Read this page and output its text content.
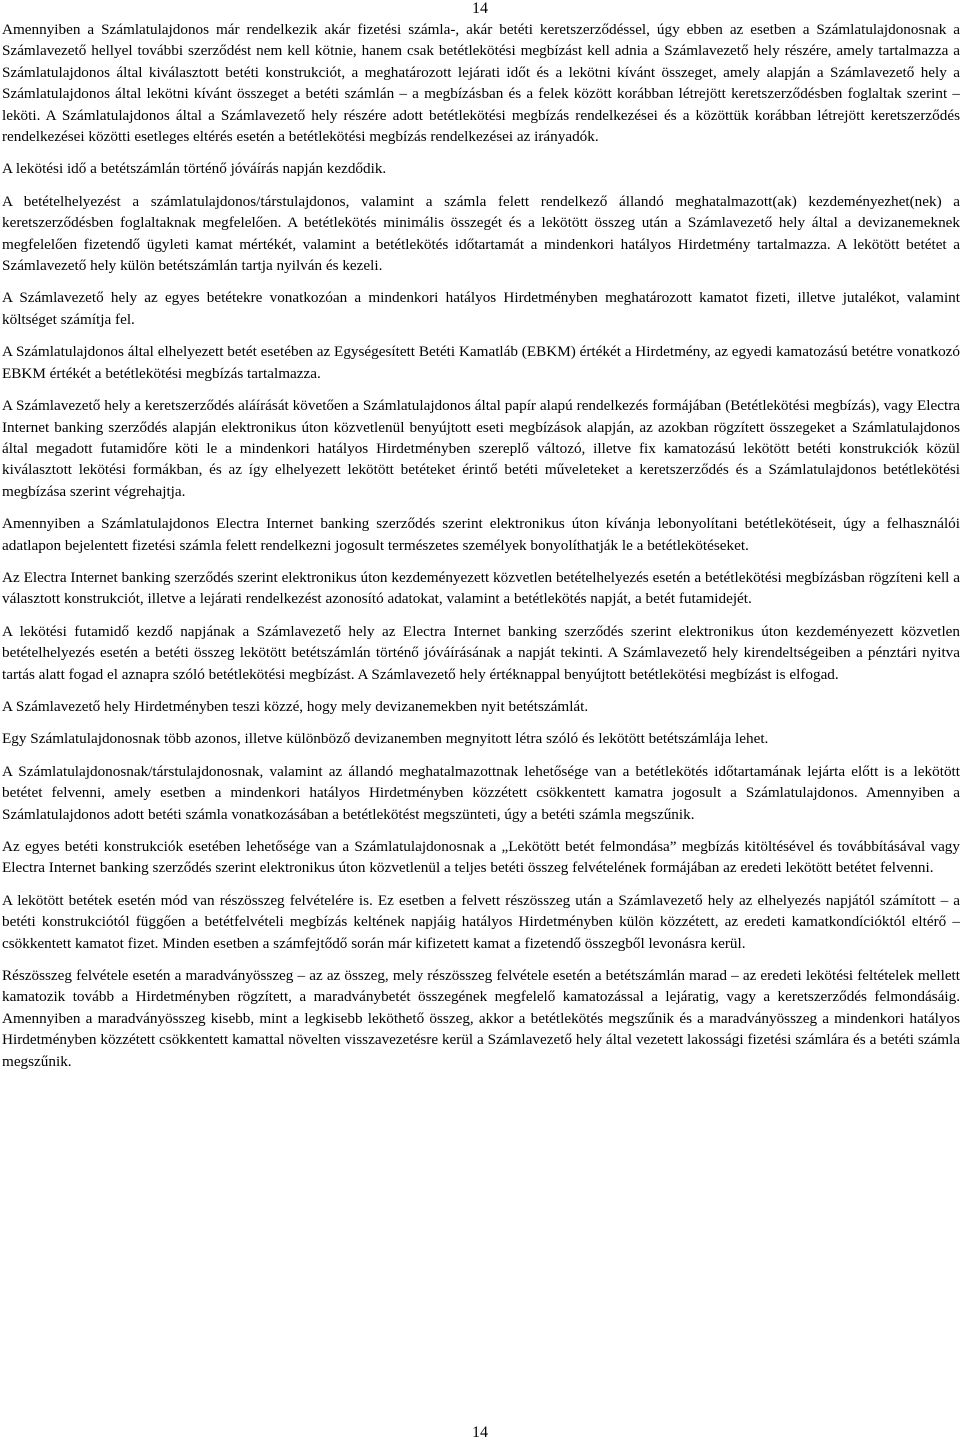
14

Amennyiben a Számlatulajdonos már rendelkezik akár fizetési számla-, akár betéti keretszerződéssel, úgy ebben az esetben a Számlatulajdonosnak a Számlavezető hellyel további szerződést nem kell kötnie, hanem csak betétlekötési megbízást kell adnia a Számlavezető hely részére, amely tartalmazza a Számlatulajdonos által kiválasztott betéti konstrukciót, a meghatározott lejárati időt és a lekötni kívánt összeget, amely alapján a Számlavezető hely a Számlatulajdonos által lekötni kívánt összeget a betéti számlán – a megbízásban és a felek között korábban létrejött keretszerződésben foglaltak szerint – leköti. A Számlatulajdonos által a Számlavezető hely részére adott betétlekötési megbízás rendelkezései és a közöttük korábban létrejött keretszerződés rendelkezései közötti esetleges eltérés esetén a betétlekötési megbízás rendelkezései az irányadók.

A lekötési idő a betétszámlán történő jóváírás napján kezdődik.

A betételhelyezést a számlatulajdonos/társtulajdonos, valamint a számla felett rendelkező állandó meghatalmazott(ak) kezdeményezhet(nek) a keretszerződésben foglaltaknak megfelelően. A betétlekötés minimális összegét és a lekötött összeg után a Számlavezető hely által a devizanemeknek megfelelően fizetendő ügyleti kamat mértékét, valamint a betétlekötés időtartamát a mindenkori hatályos Hirdetmény tartalmazza. A lekötött betétet a Számlavezető hely külön betétszámlán tartja nyilván és kezeli.

A Számlavezető hely az egyes betétekre vonatkozóan a mindenkori hatályos Hirdetményben meghatározott kamatot fizeti, illetve jutalékot, valamint költséget számítja fel.

A Számlatulajdonos által elhelyezett betét esetében az Egységesített Betéti Kamatláb (EBKM) értékét a Hirdetmény, az egyedi kamatozású betétre vonatkozó EBKM értékét a betétlekötési megbízás tartalmazza.

A Számlavezető hely a keretszerződés aláírását követően a Számlatulajdonos által papír alapú rendelkezés formájában (Betétlekötési megbízás), vagy Electra Internet banking szerződés alapján elektronikus úton közvetlenül benyújtott eseti megbízások alapján, az azokban rögzített összegeket a Számlatulajdonos által megadott futamidőre köti le a mindenkori hatályos Hirdetményben szereplő változó, illetve fix kamatozású lekötött betéti konstrukciók közül kiválasztott lekötési formákban, és az így elhelyezett lekötött betéteket érintő betéti műveleteket a keretszerződés és a Számlatulajdonos betétlekötési megbízása szerint végrehajtja.

Amennyiben a Számlatulajdonos Electra Internet banking szerződés szerint elektronikus úton kívánja lebonyolítani betétlekötéseit, úgy a felhasználói adatlapon bejelentett fizetési számla felett rendelkezni jogosult természetes személyek bonyolíthatják le a betétlekötéseket.

Az Electra Internet banking szerződés szerint elektronikus úton kezdeményezett közvetlen betételhelyezés esetén a betétlekötési megbízásban rögzíteni kell a választott konstrukciót, illetve a lejárati rendelkezést azonosító adatokat, valamint a betétlekötés napját, a betét futamidejét.

A lekötési futamidő kezdő napjának a Számlavezető hely az Electra Internet banking szerződés szerint elektronikus úton kezdeményezett közvetlen betételhelyezés esetén a betéti összeg lekötött betétszámlán történő jóváírásának a napját tekinti. A Számlavezető hely kirendeltségeiben a pénztári nyitva tartás alatt fogad el aznapra szóló betétlekötési megbízást. A Számlavezető hely értéknappal benyújtott betétlekötési megbízást is elfogad.

A Számlavezető hely Hirdetményben teszi közzé, hogy mely devizanemekben nyit betétszámlát.

Egy Számlatulajdonosnak több azonos, illetve különböző devizanemben megnyitott létra szóló és lekötött betétszámlája lehet.

A Számlatulajdonosnak/társtulajdonosnak, valamint az állandó meghatalmazottnak lehetősége van a betétlekötés időtartamának lejárta előtt is a lekötött betétet felvenni, amely esetben a mindenkori hatályos Hirdetményben közzétett csökkentett kamatra jogosult a Számlatulajdonos. Amennyiben a Számlatulajdonos adott betéti számla vonatkozásában a betétlekötést megszünteti, úgy a betéti számla megszűnik.

Az egyes betéti konstrukciók esetében lehetősége van a Számlatulajdonosnak a „Lekötött betét felmondása” megbízás kitöltésével és továbbításával vagy Electra Internet banking szerződés szerint elektronikus úton közvetlenül a teljes betéti összeg felvételének formájában az eredeti lekötött betétet felvenni.

A lekötött betétek esetén mód van részösszeg felvételére is. Ez esetben a felvett részösszeg után a Számlavezető hely az elhelyezés napjától számított – a betéti konstrukciótól függően a betétfelvételi megbízás keltének napjáig hatályos Hirdetményben külön közzétett, az eredeti kamatkondícióktól eltérő – csökkentett kamatot fizet. Minden esetben a számfejtődő során már kifizetett kamat a fizetendő összegből levonásra kerül.

Részösszeg felvétele esetén a maradványösszeg – az az összeg, mely részösszeg felvétele esetén a betétszámlán marad – az eredeti lekötési feltételek mellett kamatozik tovább a Hirdetményben rögzített, a maradványbetét összegének megfelelő kamatozással a lejáratig, vagy a keretszerződés felmondásáig. Amennyiben a maradványösszeg kisebb, mint a legkisebb leköthető összeg, akkor a betétlekötés megszűnik és a maradványösszeg a mindenkori hatályos Hirdetményben közzétett csökkentett kamattal növelten visszavezetésre kerül a Számlavezető hely által vezetett lakossági fizetési számlára és a betéti számla megszűnik.

14
